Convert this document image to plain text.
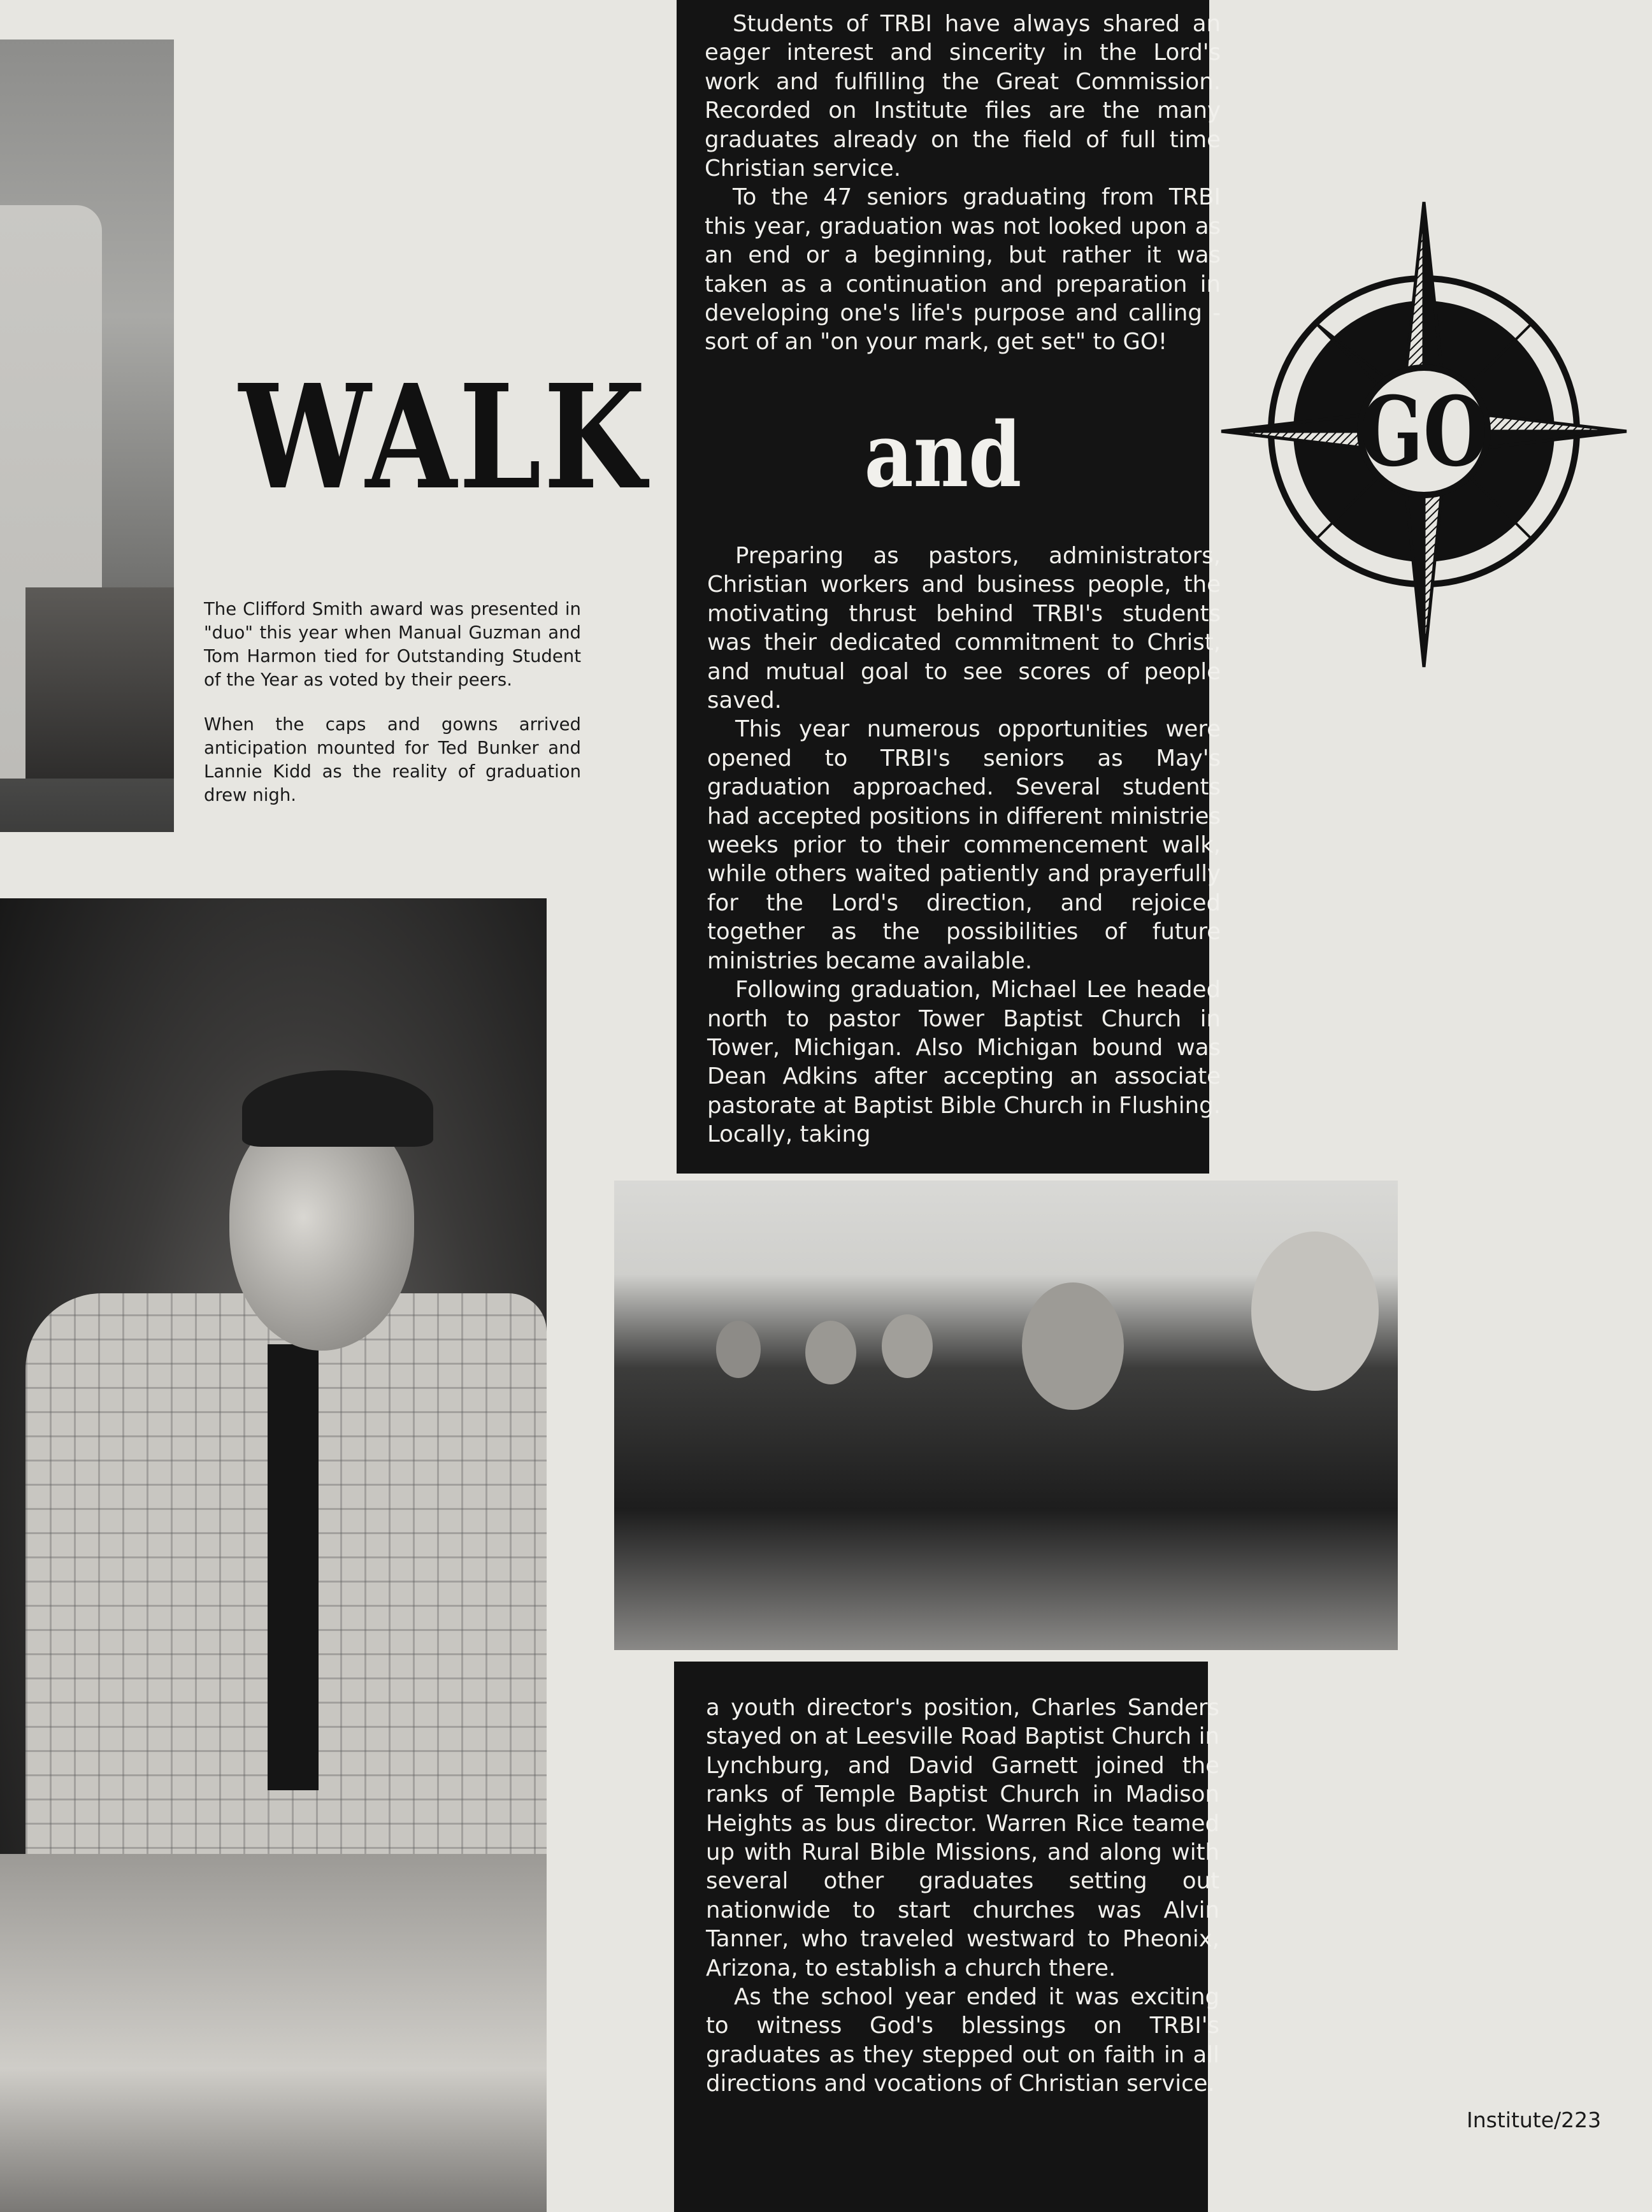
WALK

The Clifford Smith award was presented in "duo" this year when Manual Guzman and Tom Harmon tied for Outstanding Student of the Year as voted by their peers.

When the caps and gowns arrived anticipation mounted for Ted Bunker and Lannie Kidd as the reality of graduation drew nigh.

Students of TRBI have always shared an eager interest and sincerity in the Lord's work and fulfilling the Great Commission. Recorded on Institute files are the many graduates already on the field of full time Christian service.

To the 47 seniors graduating from TRBI this year, graduation was not looked upon as an end or a beginning, but rather it was taken as a continuation and preparation in developing one's life's purpose and calling - sort of an "on your mark, get set" to GO!

and

Preparing as pastors, administrators, Christian workers and business people, the motivating thrust behind TRBI's students was their dedicated commitment to Christ, and mutual goal to see scores of people saved.

This year numerous opportunities were opened to TRBI's seniors as May's graduation approached. Several students had accepted positions in different ministries weeks prior to their commencement walk, while others waited patiently and prayerfully for the Lord's direction, and rejoiced together as the possibilities of future ministries became available.

Following graduation, Michael Lee headed north to pastor Tower Baptist Church in Tower, Michigan. Also Michigan bound was Dean Adkins after accepting an associate pastorate at Baptist Bible Church in Flushing. Locally, taking

GO

a youth director's position, Charles Sanders stayed on at Leesville Road Baptist Church in Lynchburg, and David Garnett joined the ranks of Temple Baptist Church in Madison Heights as bus director. Warren Rice teamed up with Rural Bible Missions, and along with several other graduates setting out nationwide to start churches was Alvin Tanner, who traveled westward to Pheonix, Arizona, to establish a church there.

As the school year ended it was exciting to witness God's blessings on TRBI's graduates as they stepped out on faith in all directions and vocations of Christian service.

Institute/223
